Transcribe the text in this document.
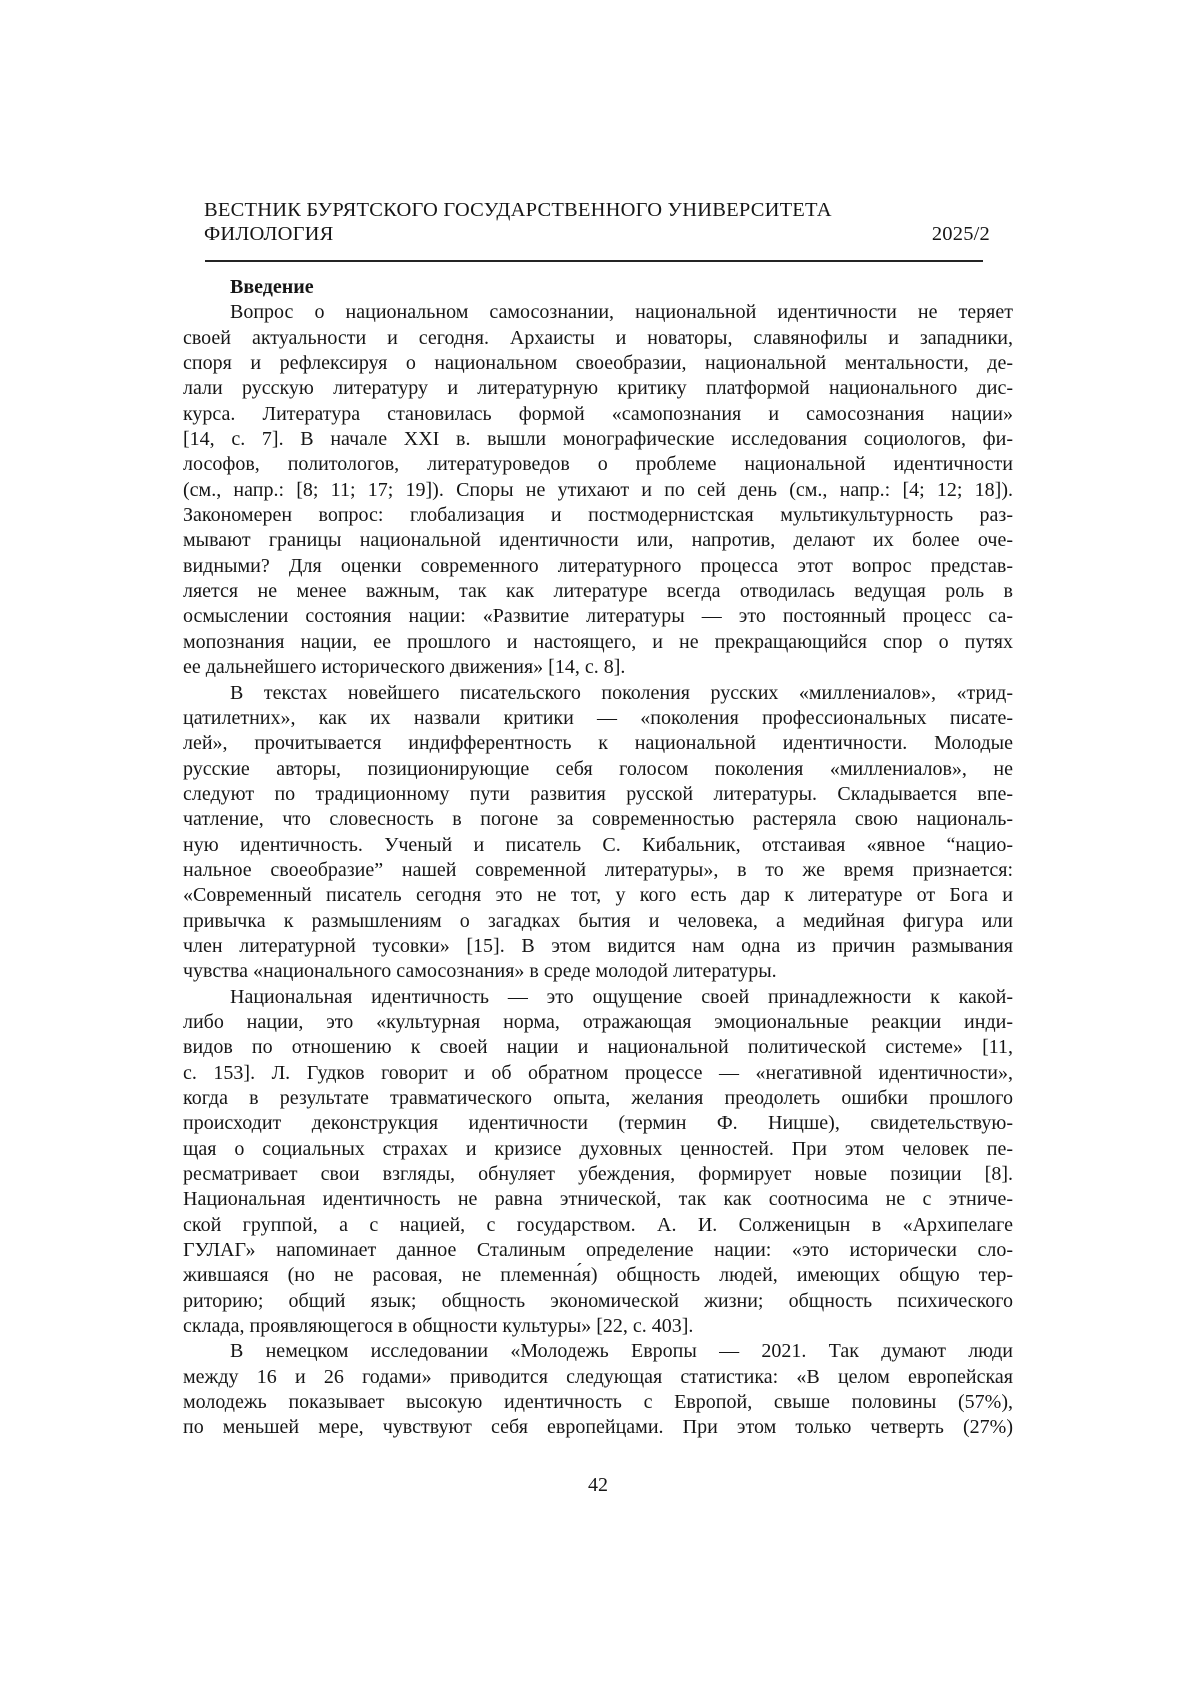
ВЕСТНИК БУРЯТСКОГО ГОСУДАРСТВЕННОГО УНИВЕРСИТЕТА
ФИЛОЛОГИЯ	2025/2
Введение
Вопрос о национальном самосознании, национальной идентичности не теряет
своей актуальности и сегодня. Архаисты и новаторы, славянофилы и западники,
споря и рефлексируя о национальном своеобразии, национальной ментальности, де-
лали русскую литературу и литературную критику платформой национального дис-
курса. Литература становилась формой «самопознания и самосознания нации»
[14, с. 7]. В начале XXI в. вышли монографические исследования социологов, фи-
лософов, политологов, литературоведов о проблеме национальной идентичности
(см., напр.: [8; 11; 17; 19]). Споры не утихают и по сей день (см., напр.: [4; 12; 18]).
Закономерен вопрос: глобализация и постмодернистская мультикультурность раз-
мывают границы национальной идентичности или, напротив, делают их более оче-
видными? Для оценки современного литературного процесса этот вопрос представ-
ляется не менее важным, так как литературе всегда отводилась ведущая роль в
осмыслении состояния нации: «Развитие литературы — это постоянный процесс са-
мопознания нации, ее прошлого и настоящего, и не прекращающийся спор о путях
ее дальнейшего исторического движения» [14, с. 8].
В текстах новейшего писательского поколения русских «миллениалов», «трид-
цатилетних», как их назвали критики — «поколения профессиональных писате-
лей», прочитывается индифферентность к национальной идентичности. Молодые
русские авторы, позиционирующие себя голосом поколения «миллениалов», не
следуют по традиционному пути развития русской литературы. Складывается впе-
чатление, что словесность в погоне за современностью растеряла свою националь-
ную идентичность. Ученый и писатель С. Кибальник, отстаивая «явное “нацио-
нальное своеобразие” нашей современной литературы», в то же время признается:
«Современный писатель сегодня это не тот, у кого есть дар к литературе от Бога и
привычка к размышлениям о загадках бытия и человека, а медийная фигура или
член литературной тусовки» [15]. В этом видится нам одна из причин размывания
чувства «национального самосознания» в среде молодой литературы.
Национальная идентичность — это ощущение своей принадлежности к какой-
либо нации, это «культурная норма, отражающая эмоциональные реакции инди-
видов по отношению к своей нации и национальной политической системе» [11,
с. 153]. Л. Гудков говорит и об обратном процессе — «негативной идентичности»,
когда в результате травматического опыта, желания преодолеть ошибки прошлого
происходит деконструкция идентичности (термин Ф. Ницше), свидетельствую-
щая о социальных страхах и кризисе духовных ценностей. При этом человек пе-
ресматривает свои взгляды, обнуляет убеждения, формирует новые позиции [8].
Национальная идентичность не равна этнической, так как соотносима не с этниче-
ской группой, а с нацией, с государством. А. И. Солженицын в «Архипелаге
ГУЛАГ» напоминает данное Сталиным определение нации: «это исторически сло-
жившаяся (но не расовая, не племенна́я) общность людей, имеющих общую тер-
риторию; общий язык; общность экономической жизни; общность психического
склада, проявляющегося в общности культуры» [22, с. 403].
В немецком исследовании «Молодежь Европы — 2021. Так думают люди
между 16 и 26 годами» приводится следующая статистика: «В целом европейская
молодежь показывает высокую идентичность с Европой, свыше половины (57%),
по меньшей мере, чувствуют себя европейцами. При этом только четверть (27%)
42
